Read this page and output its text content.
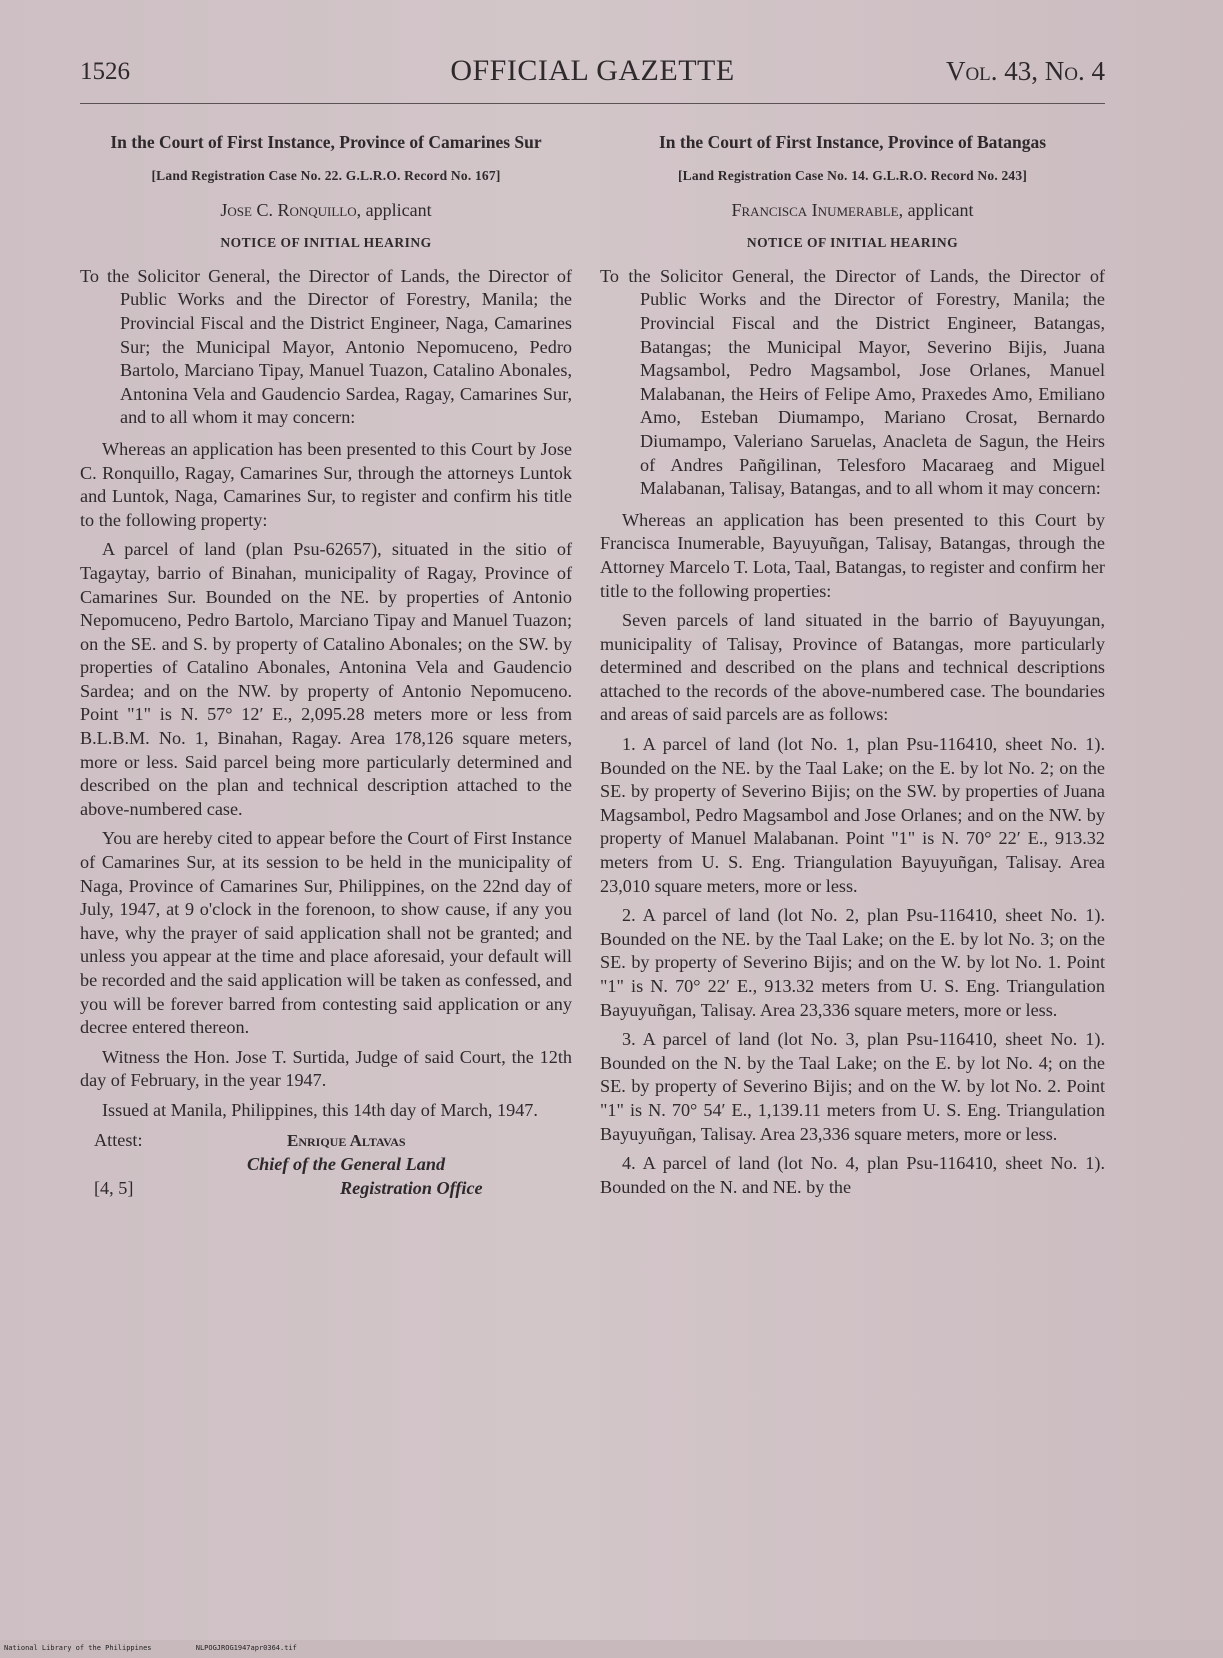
1526	OFFICIAL GAZETTE	Vol. 43, No. 4

In the Court of First Instance, Province of Camarines Sur

[Land Registration Case No. 22. G.L.R.O. Record No. 167]

Jose C. Ronquillo, applicant

NOTICE OF INITIAL HEARING

To the Solicitor General, the Director of Lands, the Director of Public Works and the Director of Forestry, Manila; the Provincial Fiscal and the District Engineer, Naga, Camarines Sur; the Municipal Mayor, Antonio Nepomuceno, Pedro Bartolo, Marciano Tipay, Manuel Tuazon, Catalino Abonales, Antonina Vela and Gaudencio Sardea, Ragay, Camarines Sur, and to all whom it may concern:

Whereas an application has been presented to this Court by Jose C. Ronquillo, Ragay, Camarines Sur, through the attorneys Luntok and Luntok, Naga, Camarines Sur, to register and confirm his title to the following property:

A parcel of land (plan Psu-62657), situated in the sitio of Tagaytay, barrio of Binahan, municipality of Ragay, Province of Camarines Sur. Bounded on the NE. by properties of Antonio Nepomuceno, Pedro Bartolo, Marciano Tipay and Manuel Tuazon; on the SE. and S. by property of Catalino Abonales; on the SW. by properties of Catalino Abonales, Antonina Vela and Gaudencio Sardea; and on the NW. by property of Antonio Nepomuceno. Point "1" is N. 57° 12′ E., 2,095.28 meters more or less from B.L.B.M. No. 1, Binahan, Ragay. Area 178,126 square meters, more or less. Said parcel being more particularly determined and described on the plan and technical description attached to the above-numbered case.

You are hereby cited to appear before the Court of First Instance of Camarines Sur, at its session to be held in the municipality of Naga, Province of Camarines Sur, Philippines, on the 22nd day of July, 1947, at 9 o'clock in the forenoon, to show cause, if any you have, why the prayer of said application shall not be granted; and unless you appear at the time and place aforesaid, your default will be recorded and the said application will be taken as confessed, and you will be forever barred from contesting said application or any decree entered thereon.

Witness the Hon. Jose T. Surtida, Judge of said Court, the 12th day of February, in the year 1947.

Issued at Manila, Philippines, this 14th day of March, 1947.

Attest:	Enrique Altavas
Chief of the General Land
[4, 5]	Registration Office

In the Court of First Instance, Province of Batangas

[Land Registration Case No. 14. G.L.R.O. Record No. 243]

Francisca Inumerable, applicant

NOTICE OF INITIAL HEARING

To the Solicitor General, the Director of Lands, the Director of Public Works and the Director of Forestry, Manila; the Provincial Fiscal and the District Engineer, Batangas, Batangas; the Municipal Mayor, Severino Bijis, Juana Magsambol, Pedro Magsambol, Jose Orlanes, Manuel Malabanan, the Heirs of Felipe Amo, Praxedes Amo, Emiliano Amo, Esteban Diumampo, Mariano Crosat, Bernardo Diumampo, Valeriano Saruelas, Anacleta de Sagun, the Heirs of Andres Pañgilinan, Telesforo Macaraeg and Miguel Malabanan, Talisay, Batangas, and to all whom it may concern:

Whereas an application has been presented to this Court by Francisca Inumerable, Bayuyuñgan, Talisay, Batangas, through the Attorney Marcelo T. Lota, Taal, Batangas, to register and confirm her title to the following properties:

Seven parcels of land situated in the barrio of Bayuyungan, municipality of Talisay, Province of Batangas, more particularly determined and described on the plans and technical descriptions attached to the records of the above-numbered case. The boundaries and areas of said parcels are as follows:

1. A parcel of land (lot No. 1, plan Psu-116410, sheet No. 1). Bounded on the NE. by the Taal Lake; on the E. by lot No. 2; on the SE. by property of Severino Bijis; on the SW. by properties of Juana Magsambol, Pedro Magsambol and Jose Orlanes; and on the NW. by property of Manuel Malabanan. Point "1" is N. 70° 22′ E., 913.32 meters from U. S. Eng. Triangulation Bayuyuñgan, Talisay. Area 23,010 square meters, more or less.

2. A parcel of land (lot No. 2, plan Psu-116410, sheet No. 1). Bounded on the NE. by the Taal Lake; on the E. by lot No. 3; on the SE. by property of Severino Bijis; and on the W. by lot No. 1. Point "1" is N. 70° 22′ E., 913.32 meters from U. S. Eng. Triangulation Bayuyuñgan, Talisay. Area 23,336 square meters, more or less.

3. A parcel of land (lot No. 3, plan Psu-116410, sheet No. 1). Bounded on the N. by the Taal Lake; on the E. by lot No. 4; on the SE. by property of Severino Bijis; and on the W. by lot No. 2. Point "1" is N. 70° 54′ E., 1,139.11 meters from U. S. Eng. Triangulation Bayuyuñgan, Talisay. Area 23,336 square meters, more or less.

4. A parcel of land (lot No. 4, plan Psu-116410, sheet No. 1). Bounded on the N. and NE. by the

National Library of the Philippines	NLPOGJROG1947apr0364.tif
